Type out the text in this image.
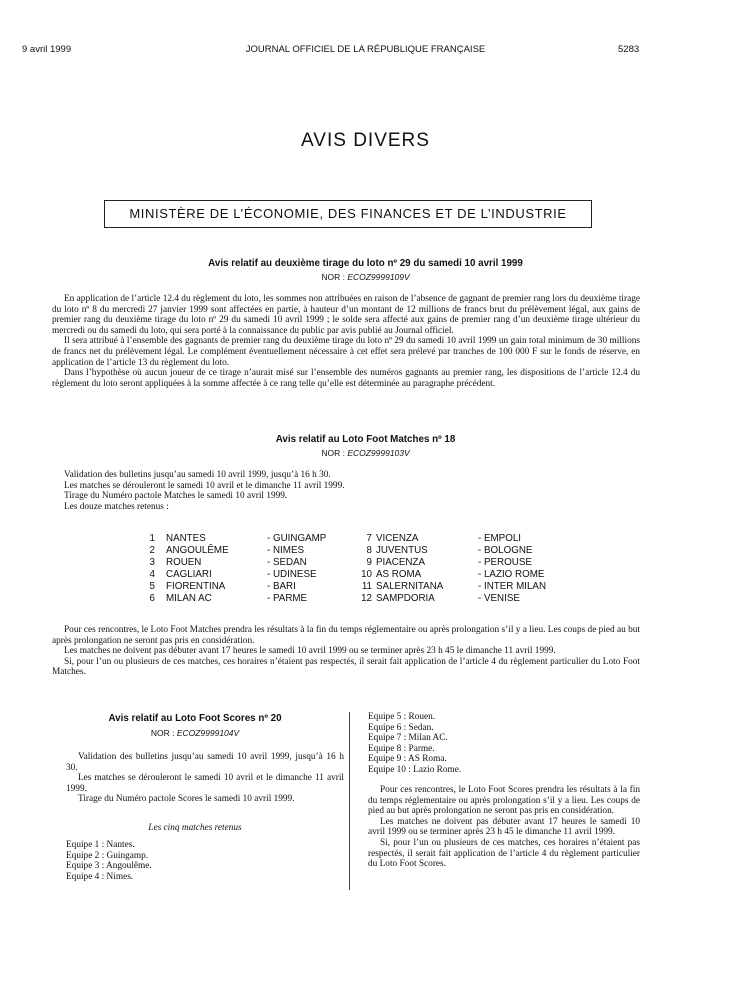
9 avril 1999	JOURNAL OFFICIEL DE LA RÉPUBLIQUE FRANÇAISE	5283
AVIS DIVERS
MINISTÈRE DE L’ÉCONOMIE, DES FINANCES ET DE L’INDUSTRIE
Avis relatif au deuxième tirage du loto nº 29 du samedi 10 avril 1999
NOR : ECOZ9999109V

En application de l’article 12.4 du règlement du loto, les sommes non attribuées en raison de l’absence de gagnant de premier rang lors du deuxième tirage du loto nº 8 du mercredi 27 janvier 1999 sont affectées en partie, à hauteur d’un montant de 12 millions de francs brut du prélèvement légal, aux gains de premier rang du deuxième tirage du loto nº 29 du samedi 10 avril 1999 ; le solde sera affecté aux gains de premier rang d’un deuxième tirage ultérieur du mercredi ou du samedi du loto, qui sera porté à la connaissance du public par avis publié au Journal officiel.

Il sera attribué à l’ensemble des gagnants de premier rang du deuxième tirage du loto nº 29 du samedi 10 avril 1999 un gain total minimum de 30 millions de francs net du prélèvement légal. Le complément éventuellement nécessaire à cet effet sera prélevé par tranches de 100 000 F sur le fonds de réserve, en application de l’article 13 du règlement du loto.

Dans l’hypothèse où aucun joueur de ce tirage n’aurait misé sur l’ensemble des numéros gagnants au premier rang, les dispositions de l’article 12.4 du règlement du loto seront appliquées à la somme affectée à ce rang telle qu’elle est déterminée au paragraphe précédent.

Avis relatif au Loto Foot Matches nº 18
NOR : ECOZ9999103V
Validation des bulletins jusqu’au samedi 10 avril 1999, jusqu’à 16 h 30.
Les matches se dérouleront le samedi 10 avril et le dimanche 11 avril 1999.
Tirage du Numéro pactole Matches le samedi 10 avril 1999.
Les douze matches retenus :
1
2
3
4
5
6
NANTES
ANGOULÊME
ROUEN
CAGLIARI
FIORENTINA
MILAN AC
- GUINGAMP
- NIMES
- SEDAN
- UDINESE
- BARI
- PARME
7
8
9
10
11
12
VICENZA
JUVENTUS
PIACENZA
AS ROMA
SALERNITANA
SAMPDORIA
- EMPOLI
- BOLOGNE
- PEROUSE
- LAZIO ROME
- INTER MILAN
- VENISE

Pour ces rencontres, le Loto Foot Matches prendra les résultats à la fin du temps réglementaire ou après prolongation s’il y a lieu. Les coups de pied au but après prolongation ne seront pas pris en considération.

Les matches ne doivent pas débuter avant 17 heures le samedi 10 avril 1999 ou se terminer après 23 h 45 le dimanche 11 avril 1999.

Si, pour l’un ou plusieurs de ces matches, ces horaires n’étaient pas respectés, il serait fait application de l’article 4 du règlement particulier du Loto Foot Matches.

Avis relatif au Loto Foot Scores nº 20
NOR : ECOZ9999104V

Validation des bulletins jusqu’au samedi 10 avril 1999, jusqu’à 16 h 30.

Les matches se dérouleront le samedi 10 avril et le dimanche 11 avril 1999.

Tirage du Numéro pactole Scores le samedi 10 avril 1999.

Les cinq matches retenus
Equipe 1 : Nantes.
Equipe 2 : Guingamp.
Equipe 3 : Angoulême.
Equipe 4 : Nimes.
Equipe 5 : Rouen.
Equipe 6 : Sedan.
Equipe 7 : Milan AC.
Equipe 8 : Parme.
Equipe 9 : AS Roma.
Equipe 10 : Lazio Rome.

Pour ces rencontres, le Loto Foot Scores prendra les résultats à la fin du temps réglementaire ou après prolongation s’il y a lieu. Les coups de pied au but après prolongation ne seront pas pris en considération.

Les matches ne doivent pas débuter avant 17 heures le samedi 10 avril 1999 ou se terminer après 23 h 45 le dimanche 11 avril 1999.

Si, pour l’un ou plusieurs de ces matches, ces horaires n’étaient pas respectés, il serait fait application de l’article 4 du règlement particulier du Loto Foot Scores.
